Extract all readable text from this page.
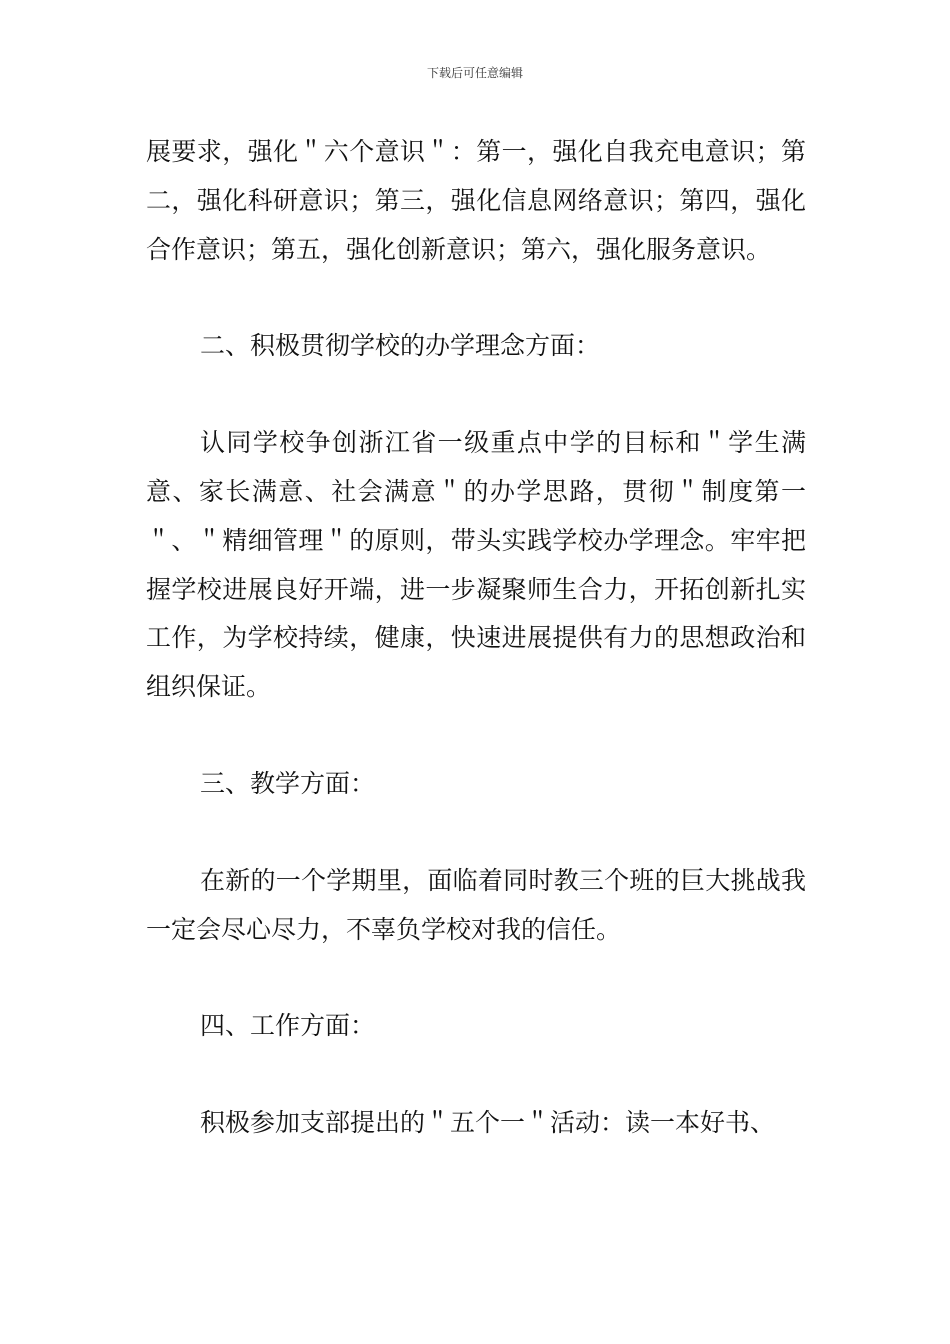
下载后可任意编辑

展要求，强化＂六个意识＂：第一，强化自我充电意识；第二，强化科研意识；第三，强化信息网络意识；第四，强化合作意识；第五，强化创新意识；第六，强化服务意识。

二、积极贯彻学校的办学理念方面：

认同学校争创浙江省一级重点中学的目标和＂学生满意、家长满意、社会满意＂的办学思路，贯彻＂制度第一＂、＂精细管理＂的原则，带头实践学校办学理念。牢牢把握学校进展良好开端，进一步凝聚师生合力，开拓创新扎实工作，为学校持续，健康，快速进展提供有力的思想政治和组织保证。

三、教学方面：

在新的一个学期里，面临着同时教三个班的巨大挑战我一定会尽心尽力，不辜负学校对我的信任。

四、工作方面：

积极参加支部提出的＂五个一＂活动：读一本好书、
